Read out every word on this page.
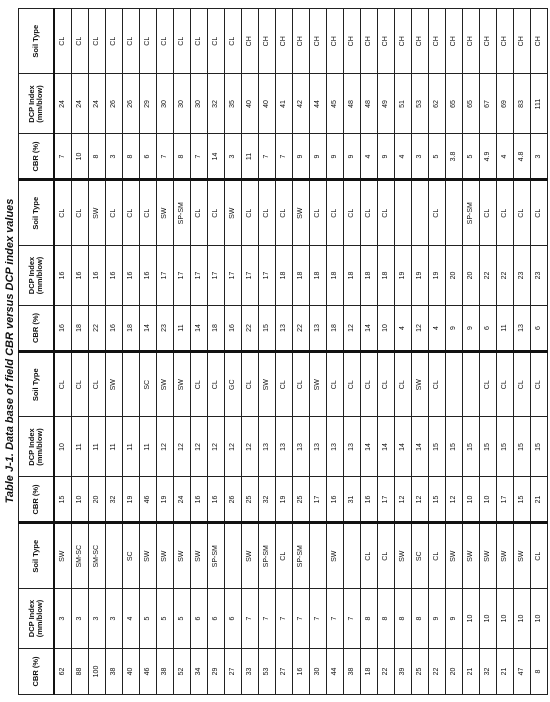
Table J-1. Data base of field CBR versus DCP index values
CBR (%)	DCP Index (mm/blow)	Soil Type	CBR (%)	DCP Index (mm/blow)	Soil Type	CBR (%)	DCP Index (mm/blow)	Soil Type	CBR (%)	DCP Index (mm/blow)	Soil Type
62	3	SW	15	10	CL	16	16	CL	7	24	CL
88	3	SM-SC	10	11	CL	18	16	CL	10	24	CL
100	3	SM-SC	20	11	CL	22	16	SW	8	24	CL
38	3		32	11	SW	16	16	CL	3	26	CL
40	4	SC	19	11		18	16	CL	8	26	CL
46	5	SW	46	11	SC	14	16	CL	6	29	CL
38	5	SW	19	12	SW	23	17	SW	7	30	CL
52	5	SW	24	12	SW	11	17	SP-SM	8	30	CL
34	6	SW	16	12	CL	14	17	CL	7	30	CL
29	6	SP-SM	16	12	CL	18	17	CL	14	32	CL
27	6		26	12	GC	16	17	SW	3	35	CL
33	7	SW	25	12	CL	22	17	CL	11	40	CH
53	7	SP-SM	32	13	SW	15	17	CL	7	40	CH
27	7	CL	19	13	CL	13	18	CL	7	41	CH
16	7	SP-SM	25	13	CL	22	18	SW	9	42	CH
30	7		17	13	SW	13	18	CL	9	44	CH
44	7	SW	16	13	CL	18	18	CL	9	45	CH
38	7		31	13	CL	12	18	CL	9	48	CH
18	8	CL	16	14	CL	14	18	CL	4	48	CH
22	8	CL	17	14	CL	10	18	CL	9	49	CH
39	8	SW	12	14	CL	4	19		4	51	CH
25	8	SC	12	14	SW	12	19		3	53	CH
22	9	CL	15	15	CL	4	19	CL	5	62	CH
20	9	SW	12	15		9	20		3.8	65	CH
21	10	SW	10	15		9	20	SP-SM	5	65	CH
32	10	SW	10	15	CL	6	22	CL	4.9	67	CH
21	10	SW	17	15	CL	11	22	CL	4	69	CH
47	10	SW	15	15	CL	13	23	CL	4.8	83	CH
8	10	CL	21	15	CL	6	23	CL	3	111	CH
